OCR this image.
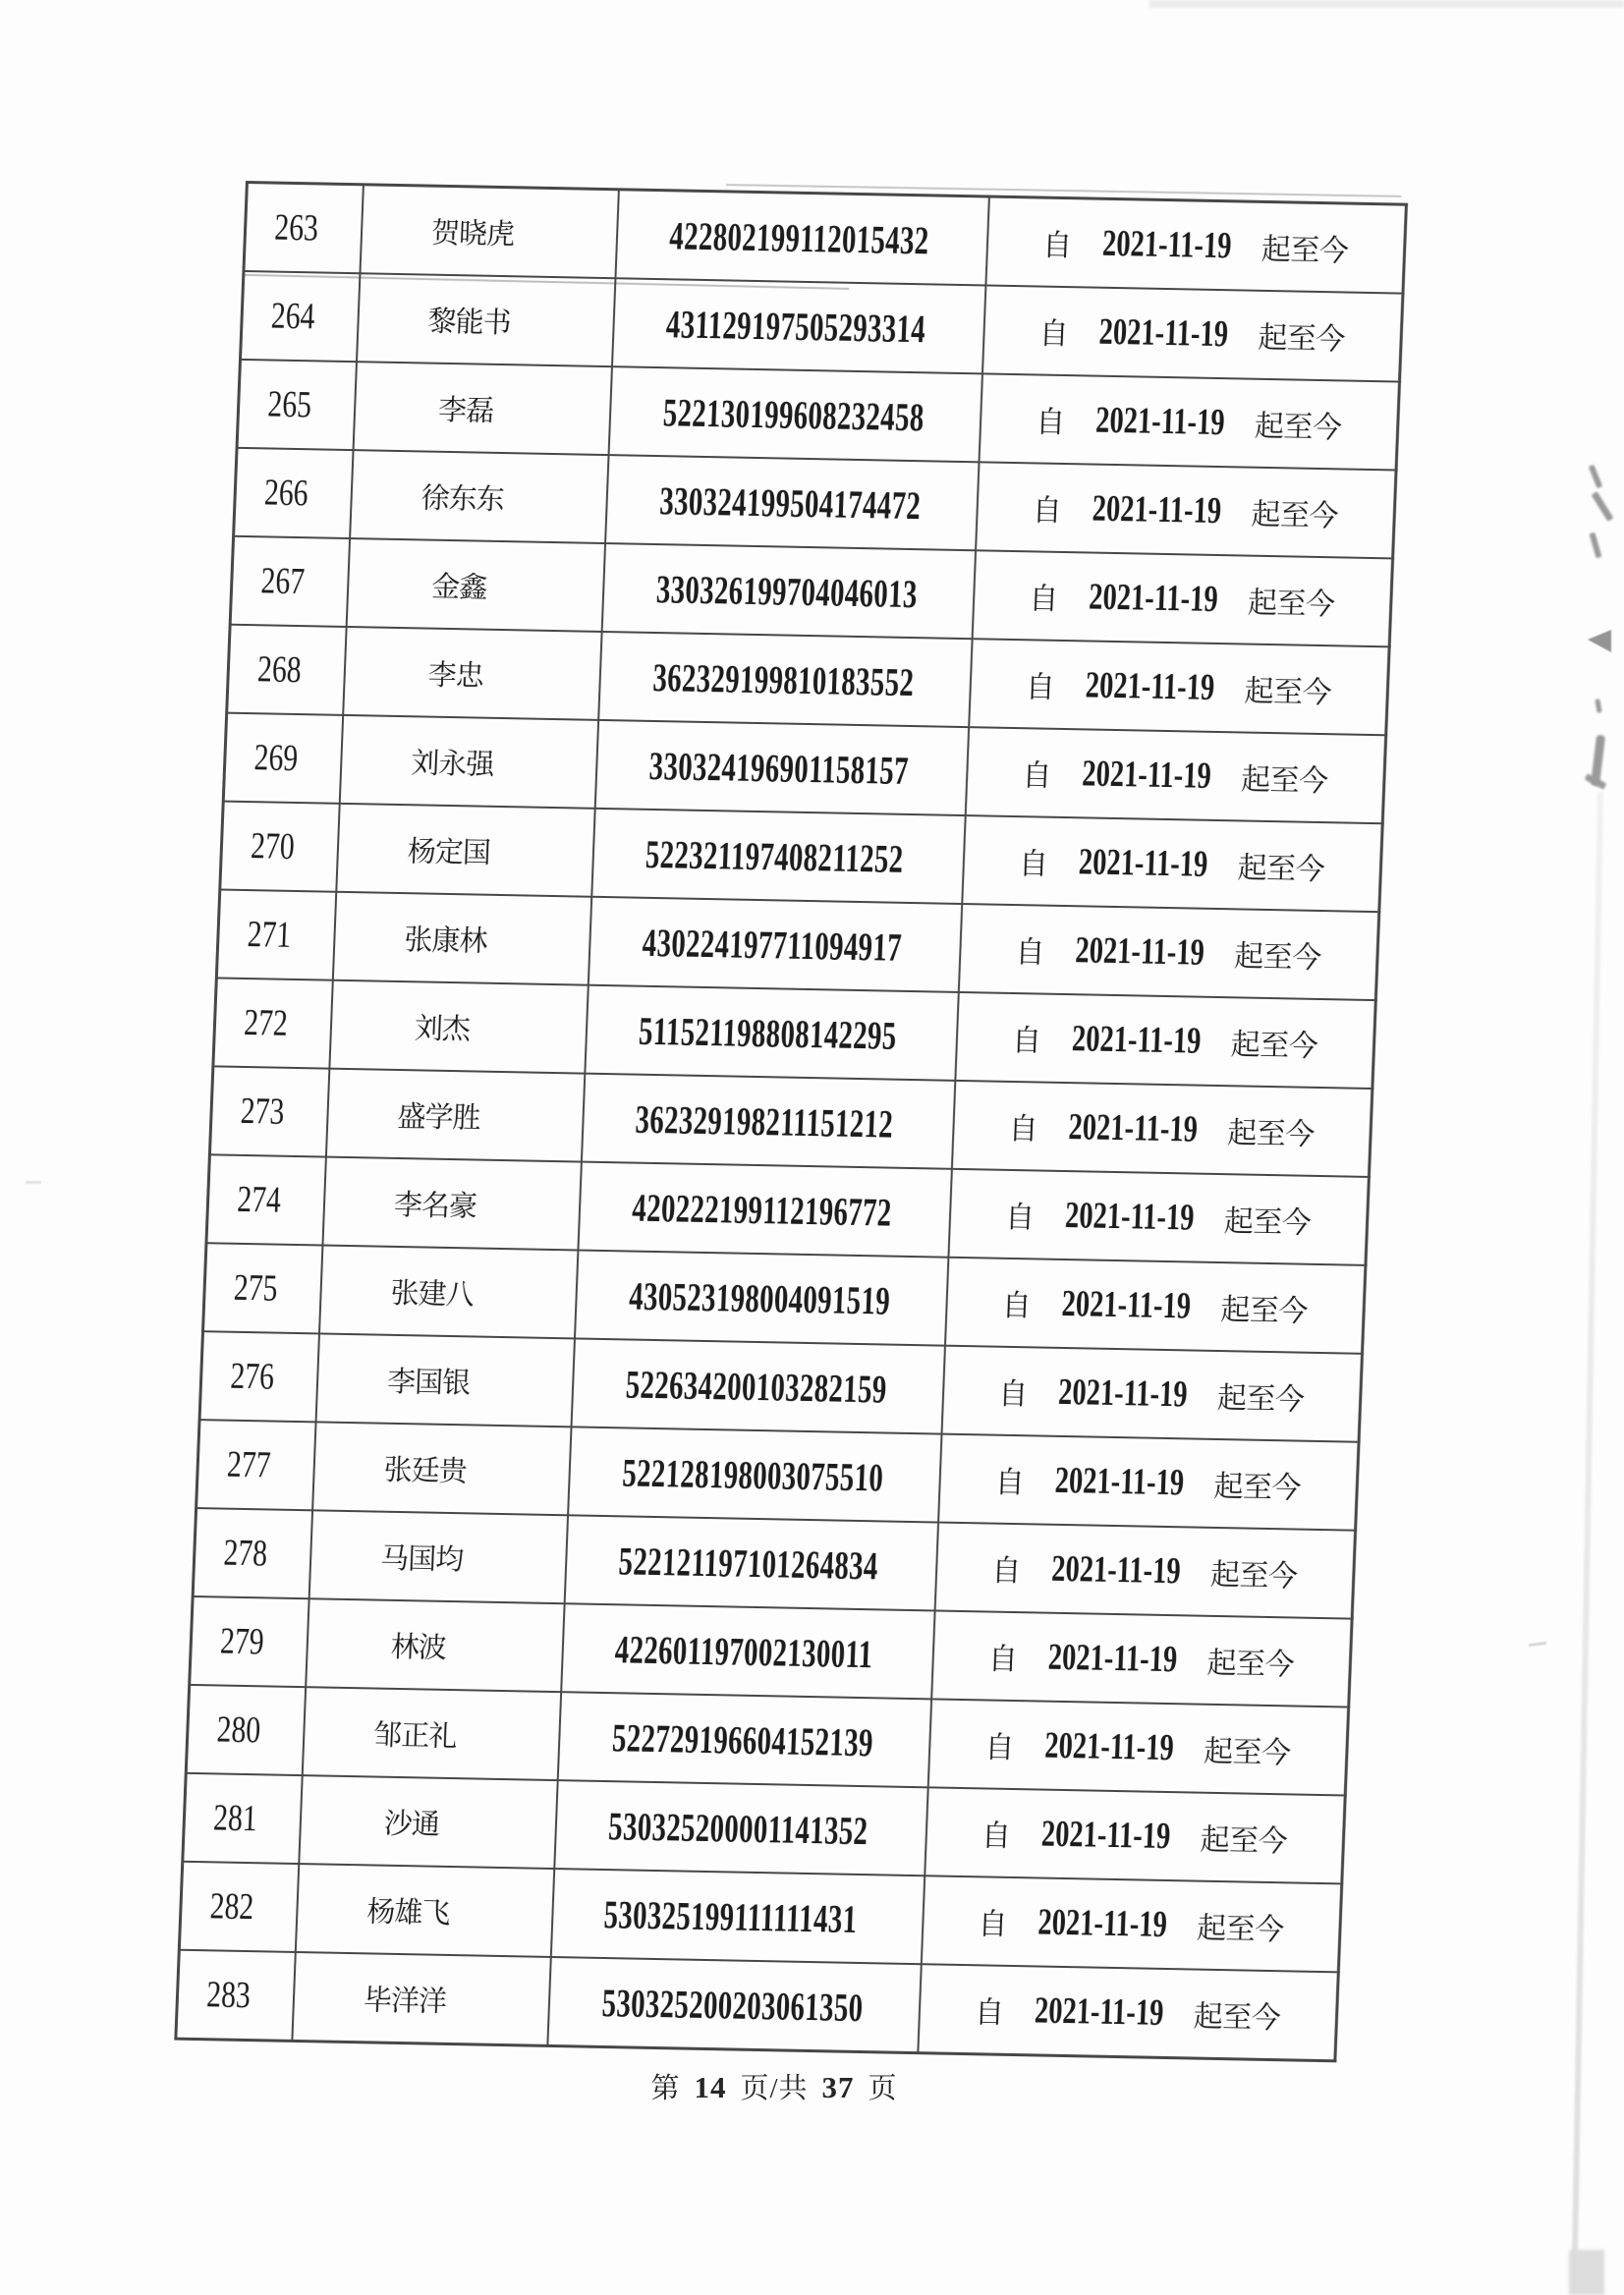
263	贺晓虎	422802199112015432	自 2021-11-19 起至今
264	黎能书	431129197505293314	自 2021-11-19 起至今
265	李磊	522130199608232458	自 2021-11-19 起至今
266	徐东东	330324199504174472	自 2021-11-19 起至今
267	金鑫	330326199704046013	自 2021-11-19 起至今
268	李忠	362329199810183552	自 2021-11-19 起至今
269	刘永强	330324196901158157	自 2021-11-19 起至今
270	杨定国	522321197408211252	自 2021-11-19 起至今
271	张康林	430224197711094917	自 2021-11-19 起至今
272	刘杰	511521198808142295	自 2021-11-19 起至今
273	盛学胜	362329198211151212	自 2021-11-19 起至今
274	李名豪	420222199112196772	自 2021-11-19 起至今
275	张建八	430523198004091519	自 2021-11-19 起至今
276	李国银	522634200103282159	自 2021-11-19 起至今
277	张廷贵	522128198003075510	自 2021-11-19 起至今
278	马国均	522121197101264834	自 2021-11-19 起至今
279	林波	422601197002130011	自 2021-11-19 起至今
280	邹正礼	522729196604152139	自 2021-11-19 起至今
281	沙通	530325200001141352	自 2021-11-19 起至今
282	杨雄飞	530325199111111431	自 2021-11-19 起至今
283	毕洋洋	530325200203061350	自 2021-11-19 起至今
第 14 页/共 37 页
